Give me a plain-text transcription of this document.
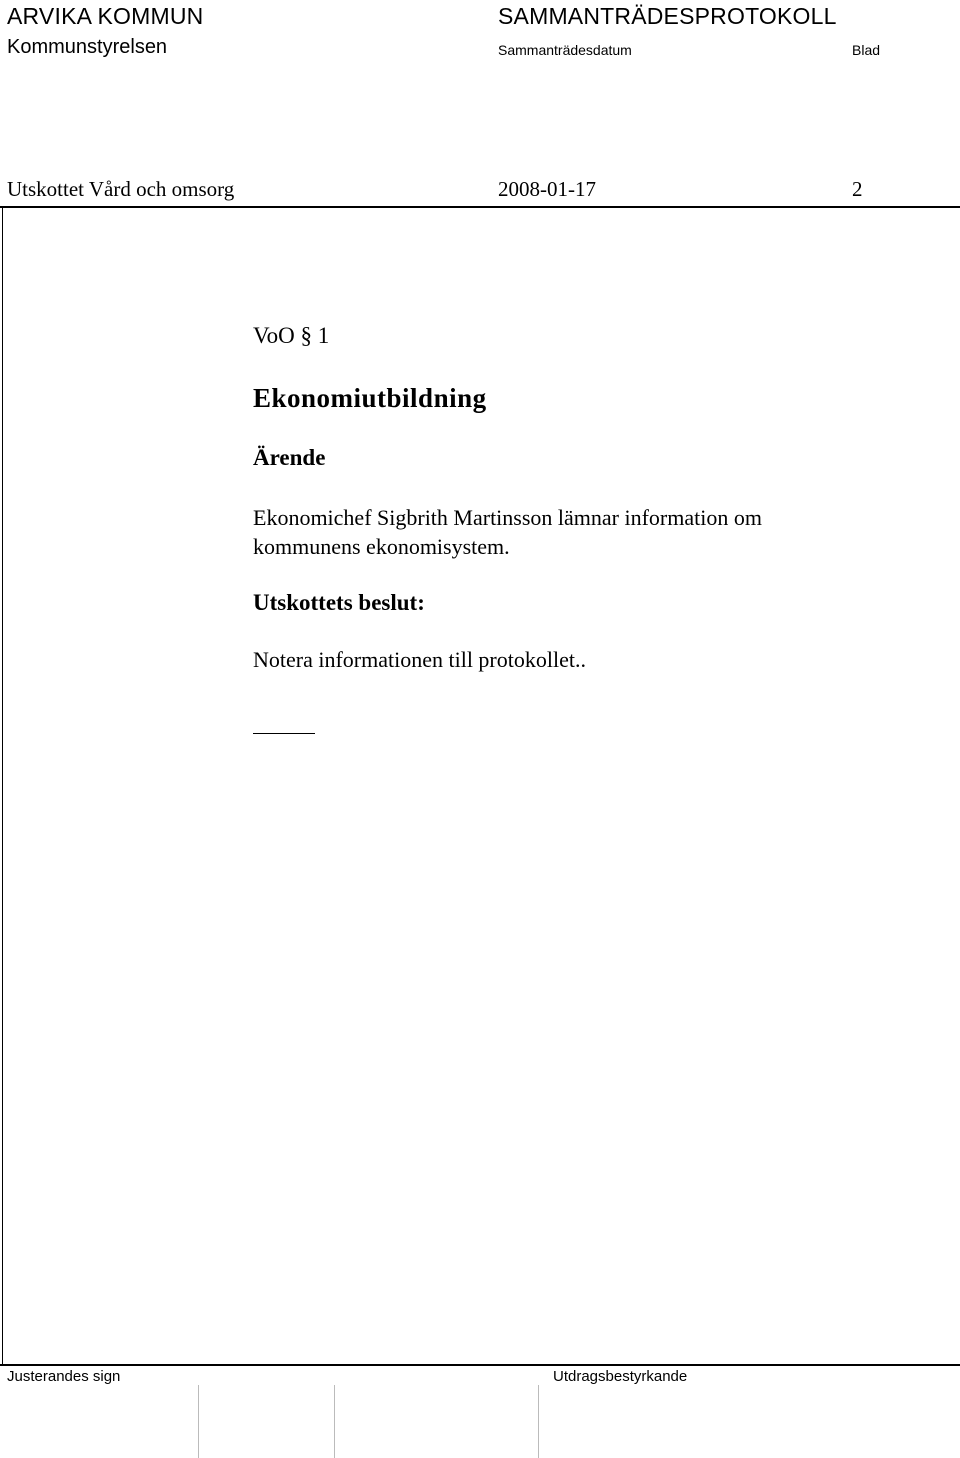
ARVIKA KOMMUN
Kommunstyrelsen
SAMMANTRÄDESPROTOKOLL
Sammanträdesdatum	Blad
Utskottet Vård och omsorg	2008-01-17	2
VoO § 1
Ekonomiutbildning
Ärende
Ekonomichef Sigbrith Martinsson lämnar information om kommunens ekonomisystem.
Utskottets beslut:
Notera informationen till protokollet..
Justerandes sign	Utdragsbestyrkande
